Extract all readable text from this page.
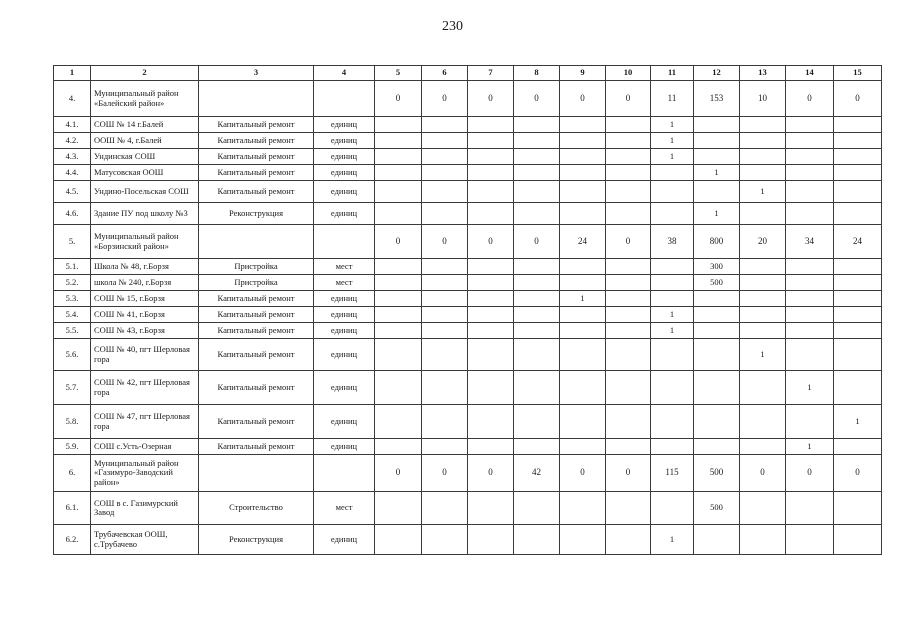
230
1	2	3	4	5	6	7	8	9	10	11	12	13	14	15
4.	Муниципальный район «Балейский район»			0	0	0	0	0	0	11	153	10	0	0
4.1.	СОШ № 14 г.Балей	Капитальный ремонт	единиц							1				
4.2.	ООШ № 4, г.Балей	Капитальный ремонт	единиц							1				
4.3.	Ундинская СОШ	Капитальный ремонт	единиц							1				
4.4.	Матусовская ООШ	Капитальный ремонт	единиц								1			
4.5.	Ундино-Посельская СОШ	Капитальный ремонт	единиц									1		
4.6.	Здание ПУ под школу №3	Реконструкция	единиц								1			
5.	Муниципальный район «Борзинский район»			0	0	0	0	24	0	38	800	20	34	24
5.1.	Школа № 48, г.Борзя	Пристройка	мест								300			
5.2.	школа № 240, г.Борзя	Пристройка	мест								500			
5.3.	СОШ № 15, г.Борзя	Капитальный ремонт	единиц					1						
5.4.	СОШ № 41, г.Борзя	Капитальный ремонт	единиц							1				
5.5.	СОШ № 43, г.Борзя	Капитальный ремонт	единиц							1				
5.6.	СОШ № 40, пгт Шерловая гора	Капитальный ремонт	единиц									1		
5.7.	СОШ № 42, пгт Шерловая гора	Капитальный ремонт	единиц										1	
5.8.	СОШ № 47, пгт Шерловая гора	Капитальный ремонт	единиц											1
5.9.	СОШ с.Усть-Озерная	Капитальный ремонт	единиц										1	
6.	Муниципальный район «Газимуро-Заводский район»			0	0	0	42	0	0	115	500	0	0	0
6.1.	СОШ в с. Газимурский Завод	Строительство	мест								500			
6.2.	Трубачевская ООШ, с.Трубачево	Реконструкция	единиц							1				
